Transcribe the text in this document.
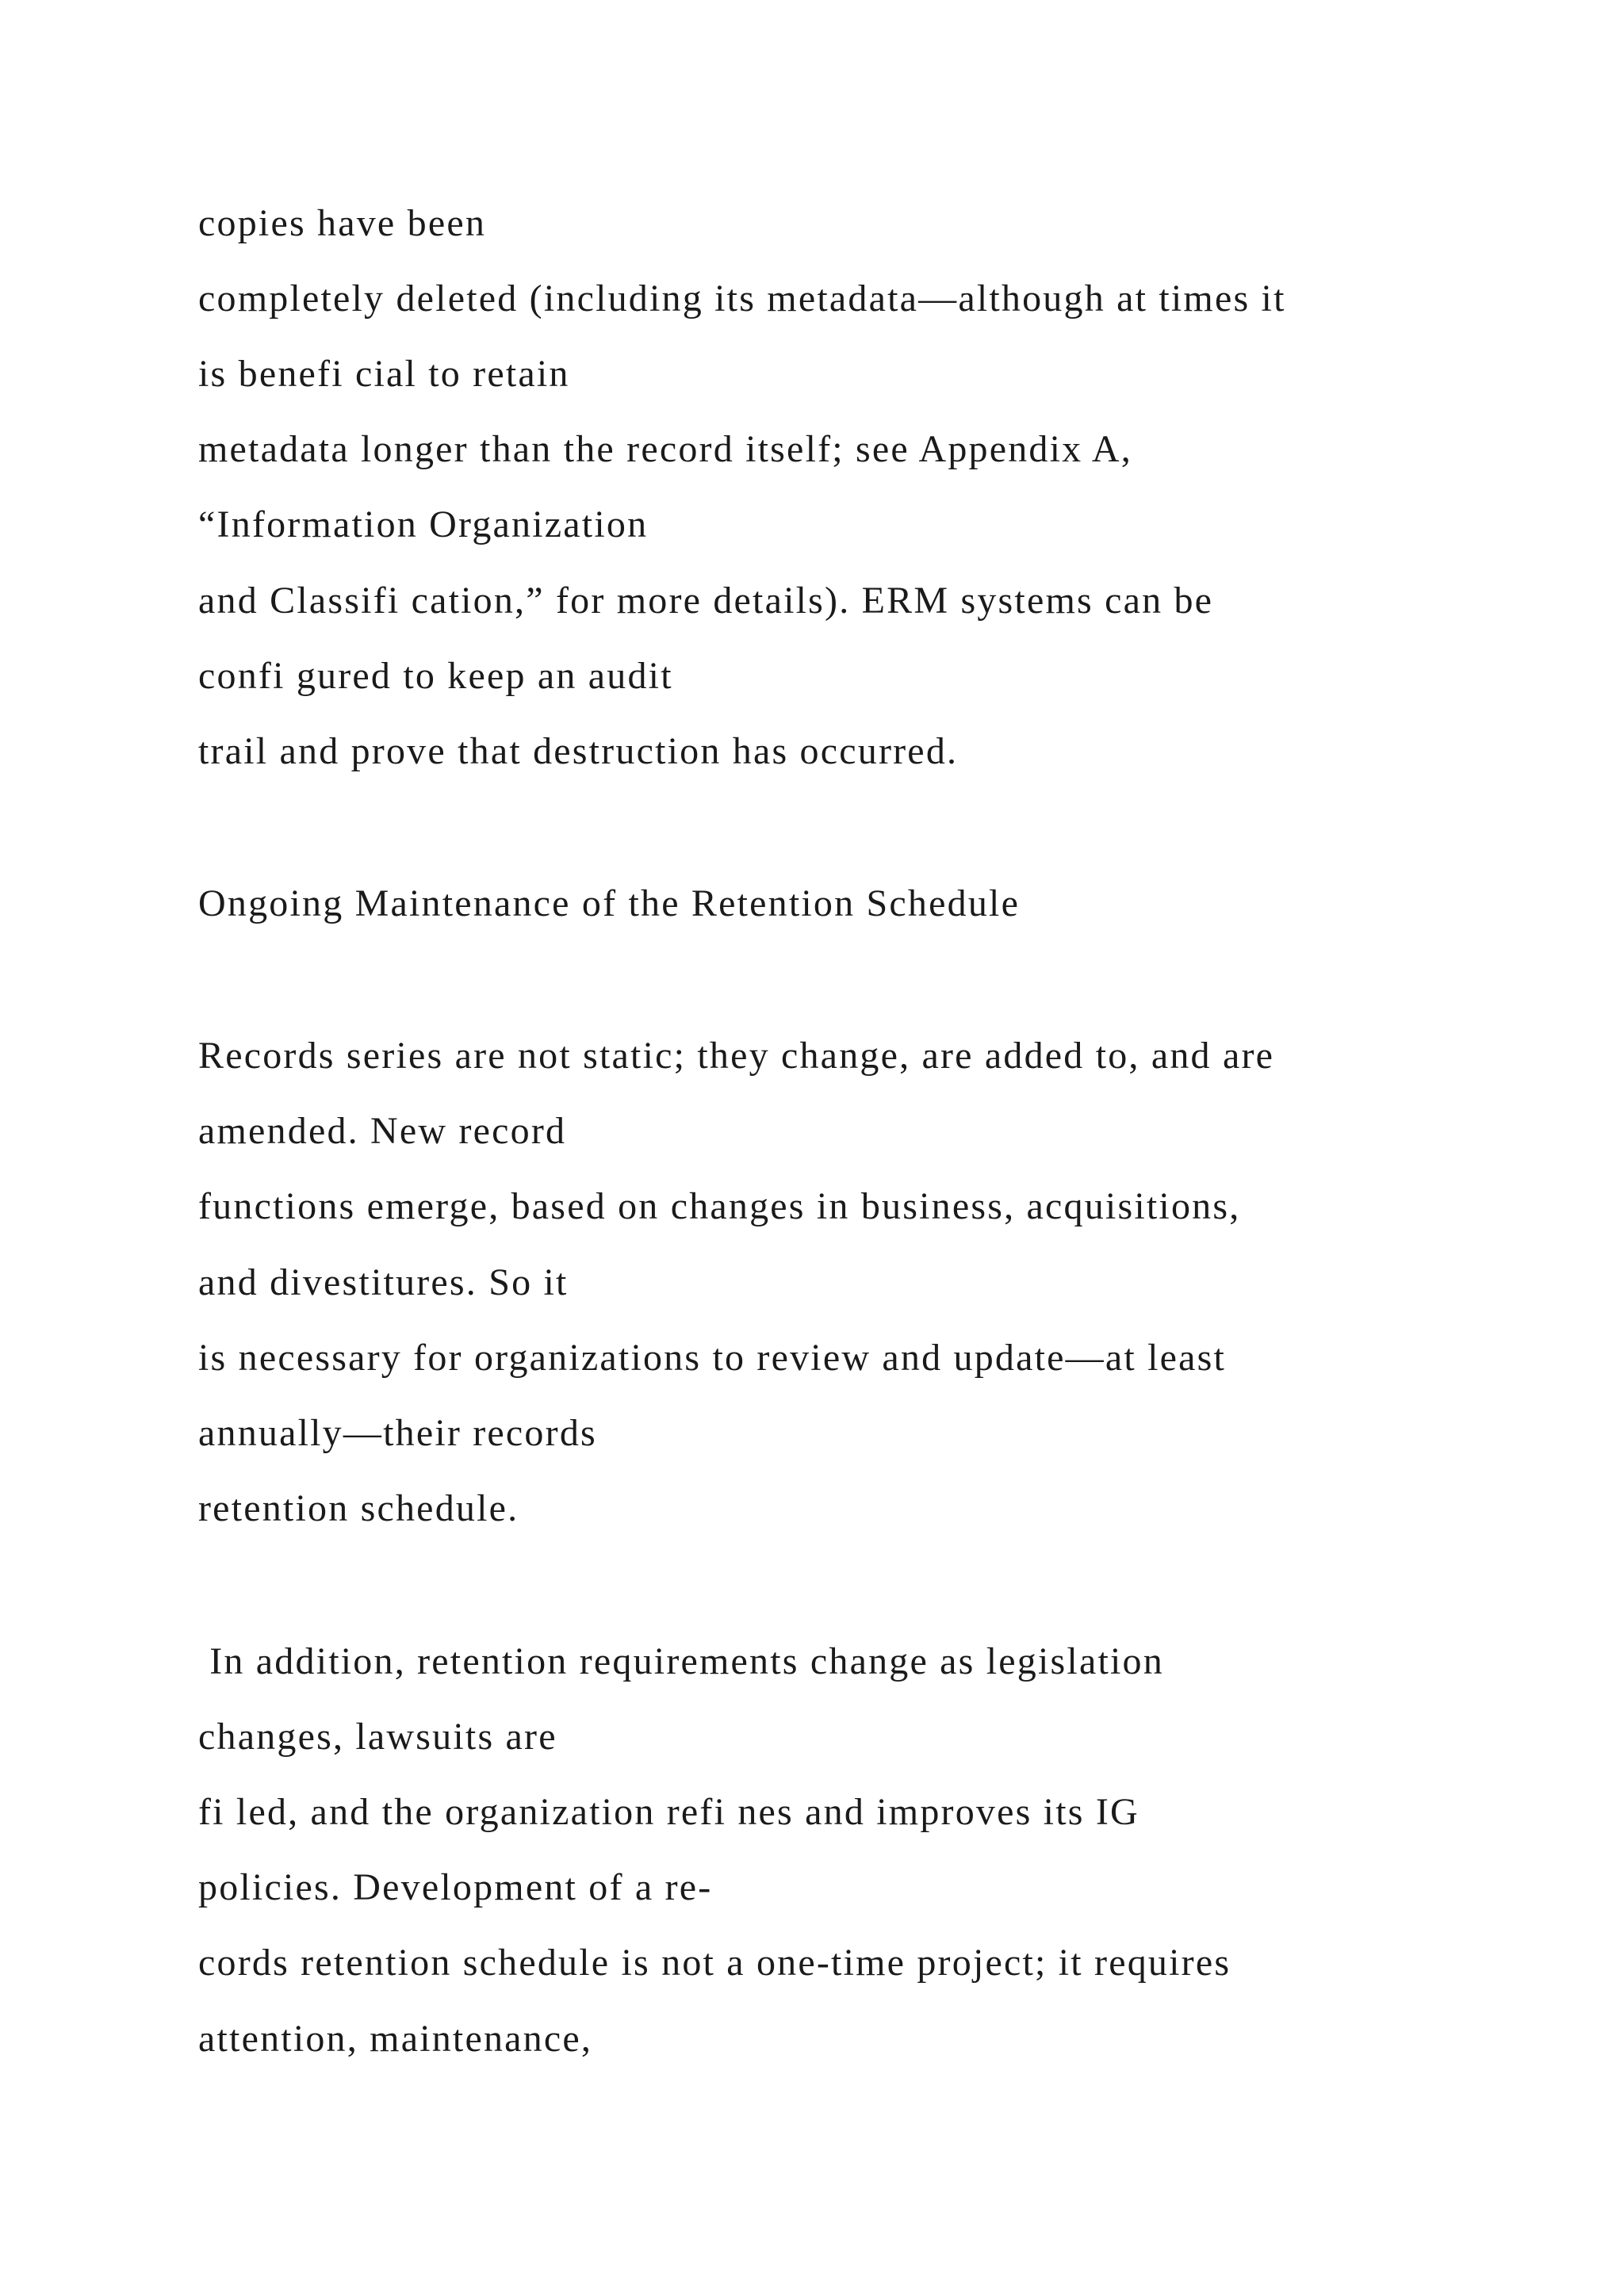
copies have been

completely deleted (including its metadata—although at times it

is benefi cial to retain

metadata longer than the record itself; see Appendix A,

“Information Organization

and Classifi cation,” for more details). ERM systems can be

confi gured to keep an audit

trail and prove that destruction has occurred.

Ongoing Maintenance of the Retention Schedule

Records series are not static; they change, are added to, and are

amended. New record

functions emerge, based on changes in business, acquisitions,

and divestitures. So it

is necessary for organizations to review and update—at least

annually—their records

retention schedule.

In addition, retention requirements change as legislation

changes, lawsuits are

fi led, and the organization refi nes and improves its IG

policies. Development of a re-

cords retention schedule is not a one-time project; it requires

attention, maintenance,
